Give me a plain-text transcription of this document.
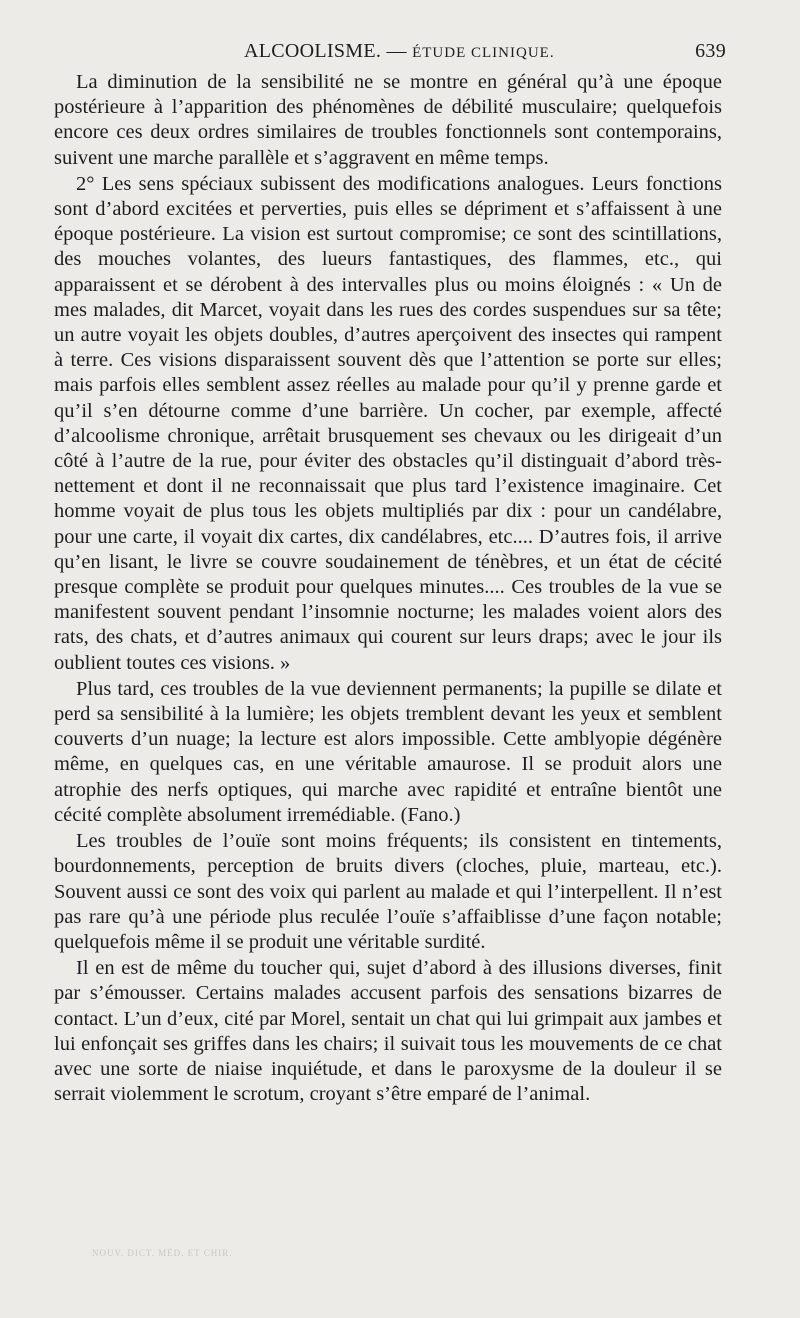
ALCOOLISME. — ÉTUDE CLINIQUE.	639

La diminution de la sensibilité ne se montre en général qu’à une époque postérieure à l’apparition des phénomènes de débilité musculaire; quelquefois encore ces deux ordres similaires de troubles fonctionnels sont contemporains, suivent une marche parallèle et s’aggravent en même temps.

2° Les sens spéciaux subissent des modifications analogues. Leurs fonctions sont d’abord excitées et perverties, puis elles se dépriment et s’affaissent à une époque postérieure. La vision est surtout compromise; ce sont des scintillations, des mouches volantes, des lueurs fantastiques, des flammes, etc., qui apparaissent et se dérobent à des intervalles plus ou moins éloignés : « Un de mes malades, dit Marcet, voyait dans les rues des cordes suspendues sur sa tête; un autre voyait les objets doubles, d’autres aperçoivent des insectes qui rampent à terre. Ces visions disparaissent souvent dès que l’attention se porte sur elles; mais parfois elles semblent assez réelles au malade pour qu’il y prenne garde et qu’il s’en détourne comme d’une barrière. Un cocher, par exemple, affecté d’alcoolisme chronique, arrêtait brusquement ses chevaux ou les dirigeait d’un côté à l’autre de la rue, pour éviter des obstacles qu’il distinguait d’abord très-nettement et dont il ne reconnaissait que plus tard l’existence imaginaire. Cet homme voyait de plus tous les objets multipliés par dix : pour un candélabre, pour une carte, il voyait dix cartes, dix candélabres, etc.... D’autres fois, il arrive qu’en lisant, le livre se couvre soudainement de ténèbres, et un état de cécité presque complète se produit pour quelques minutes.... Ces troubles de la vue se manifestent souvent pendant l’insomnie nocturne; les malades voient alors des rats, des chats, et d’autres animaux qui courent sur leurs draps; avec le jour ils oublient toutes ces visions. »

Plus tard, ces troubles de la vue deviennent permanents; la pupille se dilate et perd sa sensibilité à la lumière; les objets tremblent devant les yeux et semblent couverts d’un nuage; la lecture est alors impossible. Cette amblyopie dégénère même, en quelques cas, en une véritable amaurose. Il se produit alors une atrophie des nerfs optiques, qui marche avec rapidité et entraîne bientôt une cécité complète absolument irremédiable. (Fano.)

Les troubles de l’ouïe sont moins fréquents; ils consistent en tintements, bourdonnements, perception de bruits divers (cloches, pluie, marteau, etc.). Souvent aussi ce sont des voix qui parlent au malade et qui l’interpellent. Il n’est pas rare qu’à une période plus reculée l’ouïe s’affaiblisse d’une façon notable; quelquefois même il se produit une véritable surdité.

Il en est de même du toucher qui, sujet d’abord à des illusions diverses, finit par s’émousser. Certains malades accusent parfois des sensations bizarres de contact. L’un d’eux, cité par Morel, sentait un chat qui lui grimpait aux jambes et lui enfonçait ses griffes dans les chairs; il suivait tous les mouvements de ce chat avec une sorte de niaise inquiétude, et dans le paroxysme de la douleur il se serrait violemment le scrotum, croyant s’être emparé de l’animal.

NOUV. DICT. MÉD. ET CHIR.
